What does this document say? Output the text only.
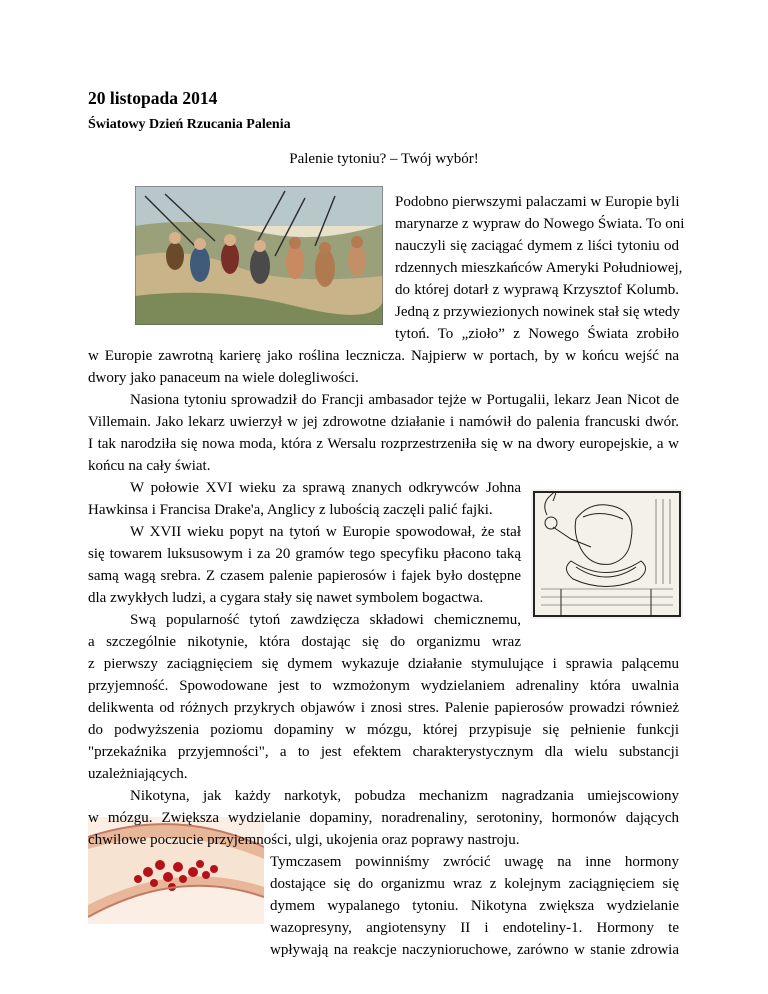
20 listopada 2014
Światowy Dzień Rzucania Palenia

Palenie tytoniu? – Twój wybór!

Podobno pierwszymi palaczami w Europie byli
marynarze z wypraw do Nowego Świata. To oni
nauczyli się zaciągać dymem z liści tytoniu od
rdzennych mieszkańców Ameryki Południowej,
do której dotarł z wyprawą Krzysztof Kolumb.
Jedną z przywiezionych nowinek stał się wtedy
tytoń. To „zioło” z Nowego Świata zrobiło
w Europie zawrotną karierę jako roślina lecznicza. Najpierw w portach, by w końcu wejść na
dwory jako panaceum na wiele dolegliwości.
Nasiona tytoniu sprowadził do Francji ambasador tejże w Portugalii, lekarz Jean Nicot de
Villemain. Jako lekarz uwierzył w jej zdrowotne działanie i namówił do palenia francuski dwór.
I tak narodziła się nowa moda, która z Wersalu rozprzestrzeniła się w na dwory europejskie, a w
końcu na cały świat.
W połowie XVI wieku za sprawą znanych odkrywców Johna
Hawkinsa i Francisa Drake'a, Anglicy z lubością zaczęli palić fajki.
W XVII wieku popyt na tytoń w Europie spowodował, że stał
się towarem luksusowym i za 20 gramów tego specyfiku płacono taką
samą wagą srebra. Z czasem palenie papierosów i fajek było dostępne
dla zwykłych ludzi, a cygara stały się nawet symbolem bogactwa.
Swą popularność tytoń zawdzięcza składowi chemicznemu,
a szczególnie nikotynie, która dostając się do organizmu wraz
z pierwszy zaciągnięciem się dymem wykazuje działanie stymulujące i sprawia palącemu
przyjemność. Spowodowane jest to wzmożonym wydzielaniem adrenaliny która uwalnia
delikwenta od różnych przykrych objawów i znosi stres. Palenie papierosów prowadzi również
do podwyższenia poziomu dopaminy w mózgu, której przypisuje się pełnienie funkcji
"przekaźnika przyjemności", a to jest efektem charakterystycznym dla wielu substancji
uzależniających.
Nikotyna, jak każdy narkotyk, pobudza mechanizm nagradzania umiejscowiony
w mózgu. Zwiększa wydzielanie dopaminy, noradrenaliny, serotoniny, hormonów dających
chwilowe poczucie przyjemności, ulgi, ukojenia oraz poprawy nastroju.
Tymczasem powinniśmy zwrócić uwagę na inne hormony
dostające się do organizmu wraz z kolejnym zaciągnięciem się
dymem wypalanego tytoniu. Nikotyna zwiększa wydzielanie
wazopresyny, angiotensyny II i endoteliny-1. Hormony te
wpływają na reakcje naczynioruchowe, zarówno w stanie zdrowia
